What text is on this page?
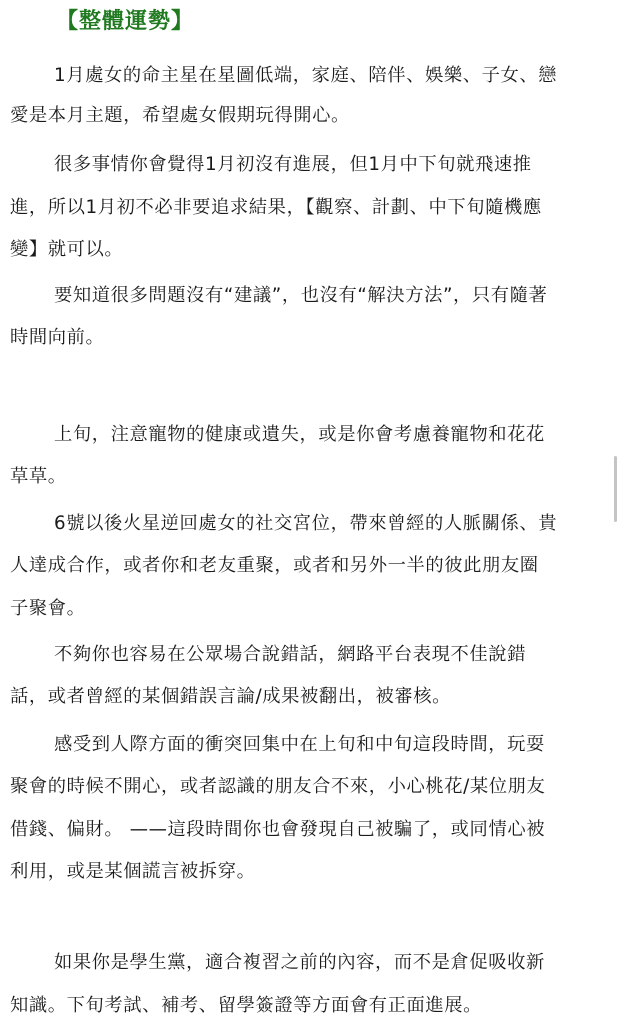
【整體運勢】
1月處女的命主星在星圖低端，家庭、陪伴、娛樂、子女、戀
愛是本月主題，希望處女假期玩得開心。
很多事情你會覺得1月初沒有進展，但1月中下旬就飛速推
進，所以1月初不必非要追求結果，【觀察、計劃、中下旬隨機應
變】就可以。
要知道很多問題沒有“建議”，也沒有“解決方法”，只有隨著
時間向前。
上旬，注意寵物的健康或遺失，或是你會考慮養寵物和花花
草草。
6號以後火星逆回處女的社交宮位，帶來曾經的人脈關係、貴
人達成合作，或者你和老友重聚，或者和另外一半的彼此朋友圈
子聚會。
不夠你也容易在公眾場合說錯話，網路平台表現不佳說錯
話，或者曾經的某個錯誤言論/成果被翻出，被審核。
感受到人際方面的衝突回集中在上旬和中旬這段時間，玩耍
聚會的時候不開心，或者認識的朋友合不來，小心桃花/某位朋友
借錢、偏財。 ——這段時間你也會發現自己被騙了，或同情心被
利用，或是某個謊言被拆穿。
如果你是學生黨，適合複習之前的內容，而不是倉促吸收新
知識。下旬考試、補考、留學簽證等方面會有正面進展。
